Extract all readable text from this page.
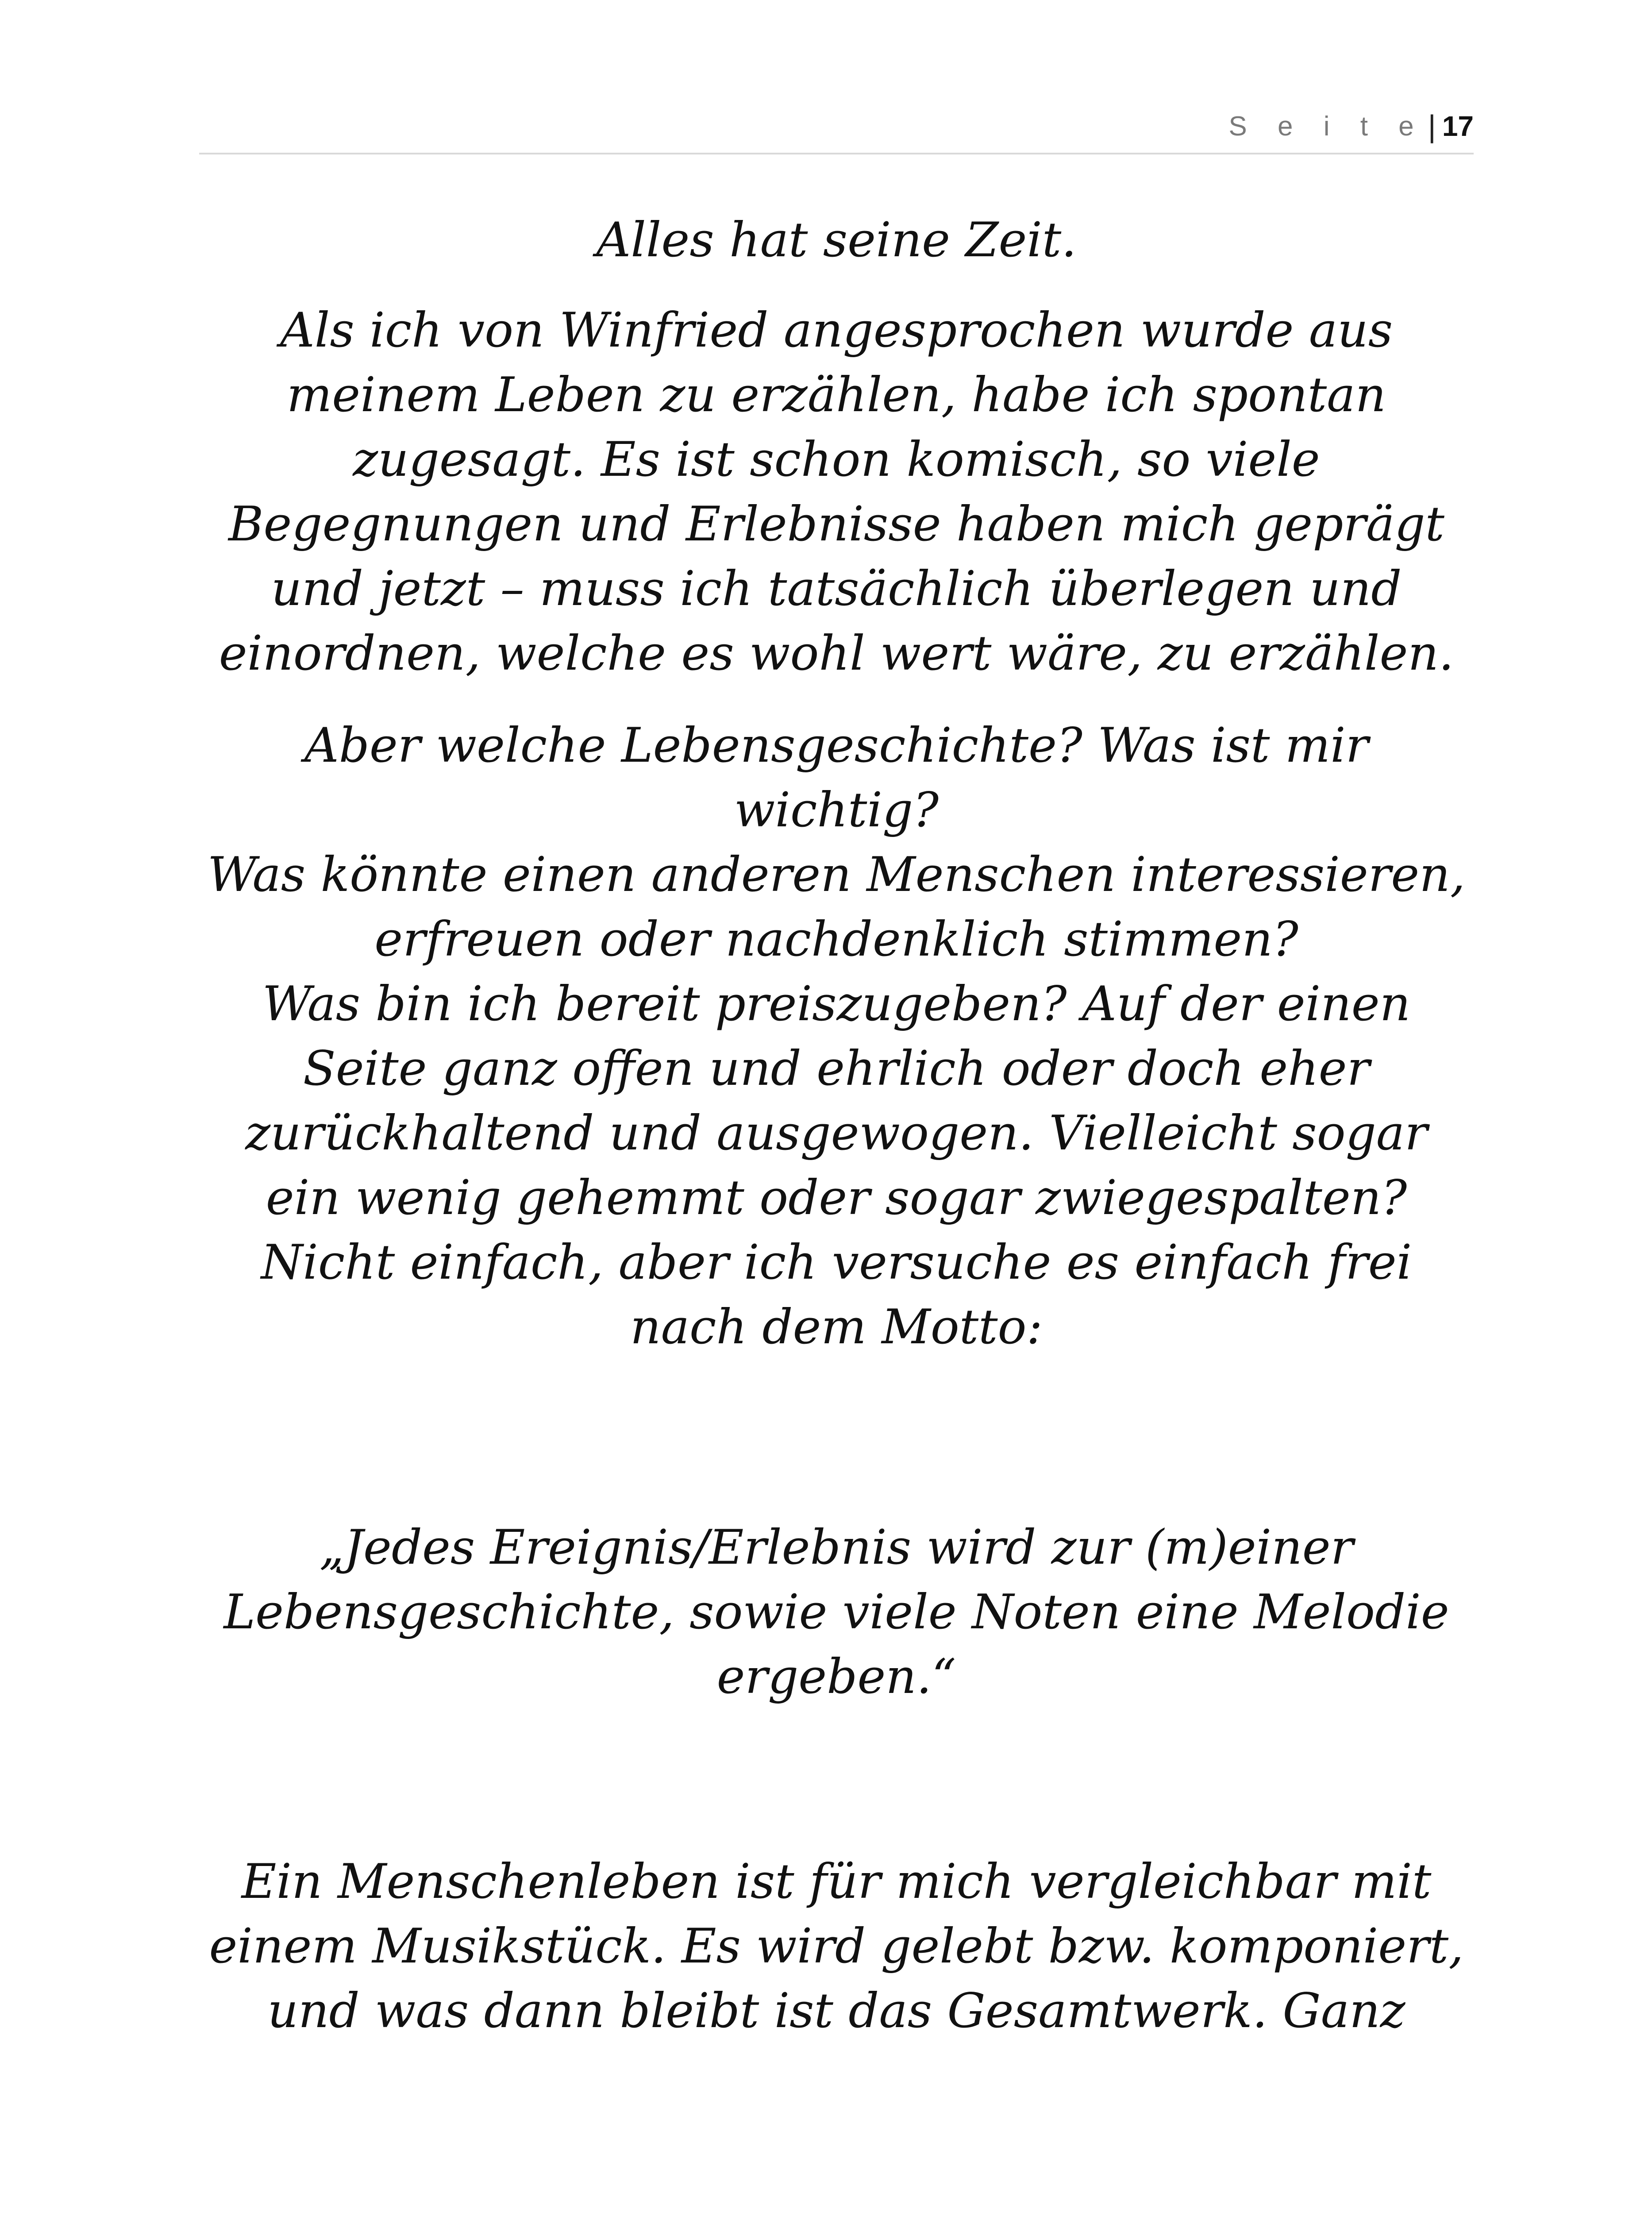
S e i t e | 17
Alles hat seine Zeit.
Als ich von Winfried angesprochen wurde aus
meinem Leben zu erzählen, habe ich spontan
zugesagt. Es ist schon komisch, so viele
Begegnungen und Erlebnisse haben mich geprägt
und jetzt – muss ich tatsächlich überlegen und
einordnen, welche es wohl wert wäre, zu erzählen.
Aber welche Lebensgeschichte? Was ist mir wichtig?
Was könnte einen anderen Menschen interessieren,
erfreuen oder nachdenklich stimmen?
Was bin ich bereit preiszugeben? Auf der einen
Seite ganz offen und ehrlich oder doch eher
zurückhaltend und ausgewogen. Vielleicht sogar
ein wenig gehemmt oder sogar zwiegespalten?
Nicht einfach, aber ich versuche es einfach frei
nach dem Motto:
„Jedes Ereignis/Erlebnis wird zur (m)einer
Lebensgeschichte, sowie viele Noten eine Melodie
ergeben.“
Ein Menschenleben ist für mich vergleichbar mit
einem Musikstück. Es wird gelebt bzw. komponiert,
und was dann bleibt ist das Gesamtwerk. Ganz
